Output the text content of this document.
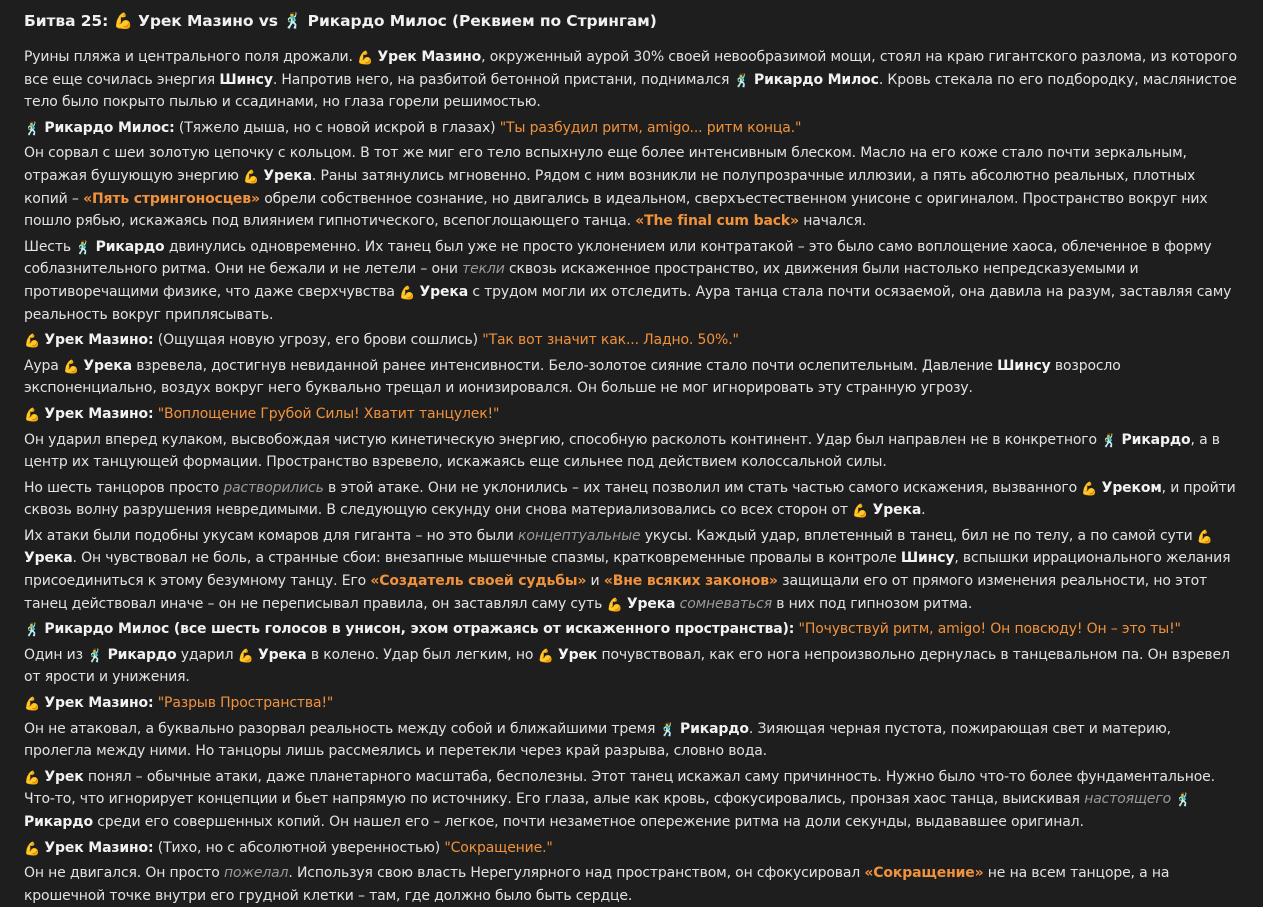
Битва 25: 💪 Урек Мазино vs 🕺 Рикардо Милос (Реквием по Стрингам)

Руины пляжа и центрального поля дрожали. 💪 Урек Мазино, окруженный аурой 30% своей невообразимой мощи, стоял на краю гигантского разлома, из которого все еще сочилась энергия Шинсу. Напротив него, на разбитой бетонной пристани, поднимался 🕺 Рикардо Милос. Кровь стекала по его подбородку, маслянистое тело было покрыто пылью и ссадинами, но глаза горели решимостью.

🕺 Рикардо Милос: (Тяжело дыша, но с новой искрой в глазах) "Ты разбудил ритм, amigo... ритм конца."

Он сорвал с шеи золотую цепочку с кольцом. В тот же миг его тело вспыхнуло еще более интенсивным блеском. Масло на его коже стало почти зеркальным, отражая бушующую энергию 💪 Урека. Раны затянулись мгновенно. Рядом с ним возникли не полупрозрачные иллюзии, а пять абсолютно реальных, плотных копий – «Пять стрингоносцев» обрели собственное сознание, но двигались в идеальном, сверхъестественном унисоне с оригиналом. Пространство вокруг них пошло рябью, искажаясь под влиянием гипнотического, всепоглощающего танца. «The final cum back» начался.

Шесть 🕺 Рикардо двинулись одновременно. Их танец был уже не просто уклонением или контратакой – это было само воплощение хаоса, облеченное в форму соблазнительного ритма. Они не бежали и не летели – они текли сквозь искаженное пространство, их движения были настолько непредсказуемыми и противоречащими физике, что даже сверхчувства 💪 Урека с трудом могли их отследить. Аура танца стала почти осязаемой, она давила на разум, заставляя саму реальность вокруг приплясывать.

💪 Урек Мазино: (Ощущая новую угрозу, его брови сошлись) "Так вот значит как... Ладно. 50%."

Аура 💪 Урека взревела, достигнув невиданной ранее интенсивности. Бело-золотое сияние стало почти ослепительным. Давление Шинсу возросло экспоненциально, воздух вокруг него буквально трещал и ионизировался. Он больше не мог игнорировать эту странную угрозу.

💪 Урек Мазино: "Воплощение Грубой Силы! Хватит танцулек!"

Он ударил вперед кулаком, высвобождая чистую кинетическую энергию, способную расколоть континент. Удар был направлен не в конкретного 🕺 Рикардо, а в центр их танцующей формации. Пространство взревело, искажаясь еще сильнее под действием колоссальной силы.

Но шесть танцоров просто растворились в этой атаке. Они не уклонились – их танец позволил им стать частью самого искажения, вызванного 💪 Уреком, и пройти сквозь волну разрушения невредимыми. В следующую секунду они снова материализовались со всех сторон от 💪 Урека.

Их атаки были подобны укусам комаров для гиганта – но это были концептуальные укусы. Каждый удар, вплетенный в танец, бил не по телу, а по самой сути 💪 Урека. Он чувствовал не боль, а странные сбои: внезапные мышечные спазмы, кратковременные провалы в контроле Шинсу, вспышки иррационального желания присоединиться к этому безумному танцу. Его «Создатель своей судьбы» и «Вне всяких законов» защищали его от прямого изменения реальности, но этот танец действовал иначе – он не переписывал правила, он заставлял саму суть 💪 Урека сомневаться в них под гипнозом ритма.

🕺 Рикардо Милос (все шесть голосов в унисон, эхом отражаясь от искаженного пространства): "Почувствуй ритм, amigo! Он повсюду! Он – это ты!"

Один из 🕺 Рикардо ударил 💪 Урека в колено. Удар был легким, но 💪 Урек почувствовал, как его нога непроизвольно дернулась в танцевальном па. Он взревел от ярости и унижения.

💪 Урек Мазино: "Разрыв Пространства!"

Он не атаковал, а буквально разорвал реальность между собой и ближайшими тремя 🕺 Рикардо. Зияющая черная пустота, пожирающая свет и материю, пролегла между ними. Но танцоры лишь рассмеялись и перетекли через край разрыва, словно вода.

💪 Урек понял – обычные атаки, даже планетарного масштаба, бесполезны. Этот танец искажал саму причинность. Нужно было что-то более фундаментальное. Что-то, что игнорирует концепции и бьет напрямую по источнику. Его глаза, алые как кровь, сфокусировались, пронзая хаос танца, выискивая настоящего 🕺 Рикардо среди его совершенных копий. Он нашел его – легкое, почти незаметное опережение ритма на доли секунды, выдававшее оригинал.

💪 Урек Мазино: (Тихо, но с абсолютной уверенностью) "Сокращение."

Он не двигался. Он просто пожелал. Используя свою власть Нерегулярного над пространством, он сфокусировал «Сокращение» не на всем танцоре, а на крошечной точке внутри его грудной клетки – там, где должно было быть сердце.
